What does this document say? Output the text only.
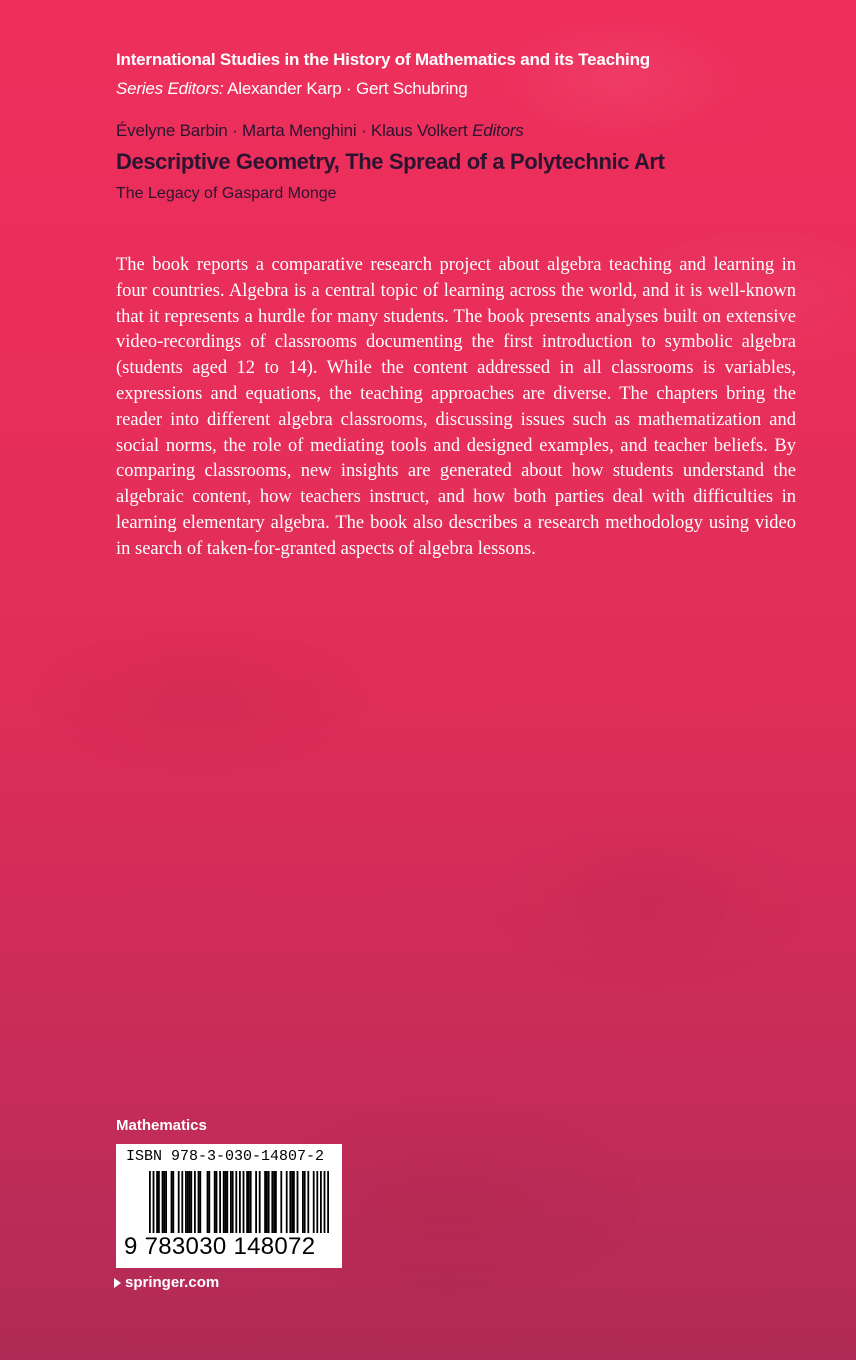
International Studies in the History of Mathematics and its Teaching
Series Editors: Alexander Karp · Gert Schubring
Évelyne Barbin · Marta Menghini · Klaus Volkert Editors
Descriptive Geometry, The Spread of a Polytechnic Art
The Legacy of Gaspard Monge
The book reports a comparative research project about algebra teaching and learning in four countries. Algebra is a central topic of learning across the world, and it is well-known that it represents a hurdle for many students. The book presents analyses built on extensive video-recordings of classrooms documenting the first introduction to symbolic algebra (students aged 12 to 14). While the content addressed in all classrooms is variables, expressions and equations, the teaching approaches are diverse. The chapters bring the reader into different algebra classrooms, discussing issues such as mathematization and social norms, the role of mediating tools and designed examples, and teacher beliefs. By comparing classrooms, new insights are generated about how students understand the algebraic content, how teachers instruct, and how both parties deal with difficulties in learning elementary algebra. The book also describes a research methodology using video in search of taken-for-granted aspects of algebra lessons.
Mathematics
ISBN 978-3-030-14807-2
9 783030 148072
springer.com
